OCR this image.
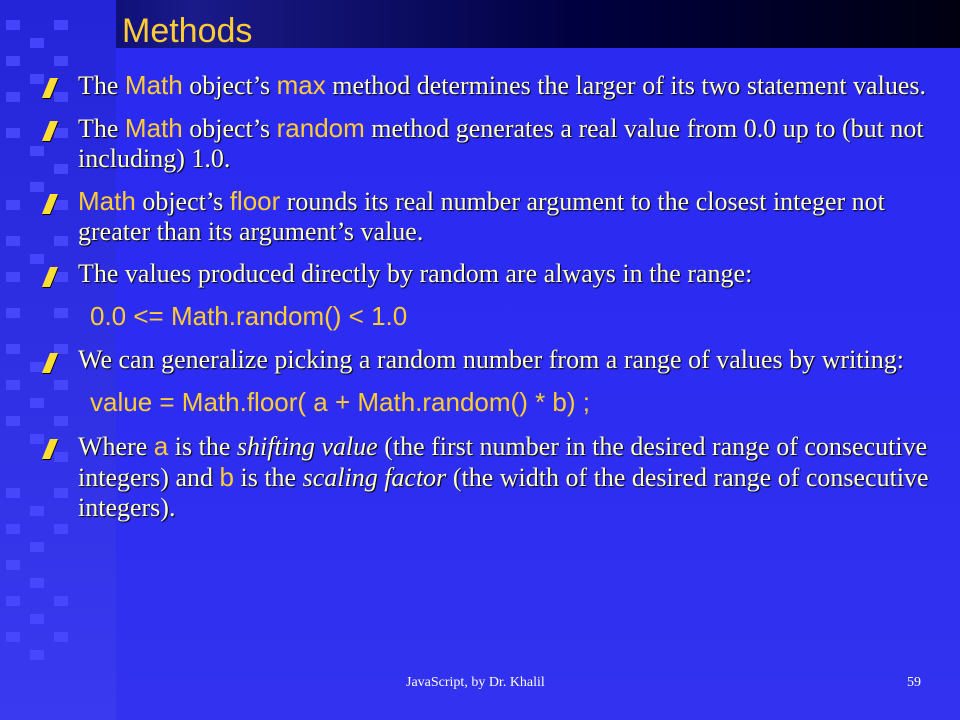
Methods
The Math object’s max method determines the larger of its two statement values.
The Math object’s random method generates a real value from 0.0 up to (but not including) 1.0.
Math object’s floor rounds its real number argument to the closest integer not greater than its argument’s value.
The values produced directly by random are always in the range:
0.0 <= Math.random() < 1.0
We can generalize picking a random number from a range of values by writing:
value = Math.floor( a + Math.random() * b) ;
Where a is the shifting value (the first number in the desired range of consecutive integers) and b is the scaling factor (the width of the desired range of consecutive integers).
JavaScript, by Dr. Khalil	59
